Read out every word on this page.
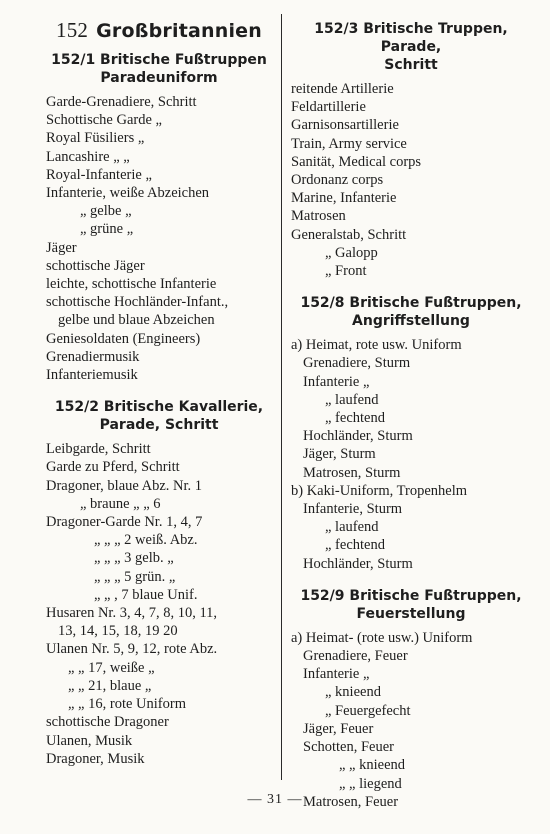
152 Großbritannien
152/1 Britische Fußtruppen
Paradeuniform
Garde-Grenadiere, Schritt
Schottische Garde „
Royal Füsiliers „
Lancashire „ „
Royal-Infanterie „
Infanterie, weiße Abzeichen
„ gelbe „
„ grüne „
Jäger
schottische Jäger
leichte, schottische Infanterie
schottische Hochländer-Infant.,
gelbe und blaue Abzeichen
Geniesoldaten (Engineers)
Grenadiermusik
Infanteriemusik
152/2 Britische Kavallerie,
Parade, Schritt
Leibgarde, Schritt
Garde zu Pferd, Schritt
Dragoner, blaue Abz. Nr. 1
„ braune „ „ 6
Dragoner-Garde Nr. 1, 4, 7
„ „ „ 2 weiß. Abz.
„ „ „ 3 gelb. „
„ „ „ 5 grün. „
„ „ , 7 blaue Unif.
Husaren Nr. 3, 4, 7, 8, 10, 11,
13, 14, 15, 18, 19 20
Ulanen Nr. 5, 9, 12, rote Abz.
„ „ 17, weiße „
„ „ 21, blaue „
„ „ 16, rote Uniform
schottische Dragoner
Ulanen, Musik
Dragoner, Musik
152/3 Britische Truppen, Parade,
Schritt
reitende Artillerie
Feldartillerie
Garnisonsartillerie
Train, Army service
Sanität, Medical corps
Ordonanz corps
Marine, Infanterie
Matrosen
Generalstab, Schritt
„ Galopp
„ Front
152/8 Britische Fußtruppen,
Angriffstellung
a) Heimat, rote usw. Uniform
Grenadiere, Sturm
Infanterie „
„ laufend
„ fechtend
Hochländer, Sturm
Jäger, Sturm
Matrosen, Sturm
b) Kaki-Uniform, Tropenhelm
Infanterie, Sturm
„ laufend
„ fechtend
Hochländer, Sturm
152/9 Britische Fußtruppen,
Feuerstellung
a) Heimat- (rote usw.) Uniform
Grenadiere, Feuer
Infanterie „
„ knieend
„ Feuergefecht
Jäger, Feuer
Schotten, Feuer
„ „ knieend
„ „ liegend
Matrosen, Feuer
— 31 —
